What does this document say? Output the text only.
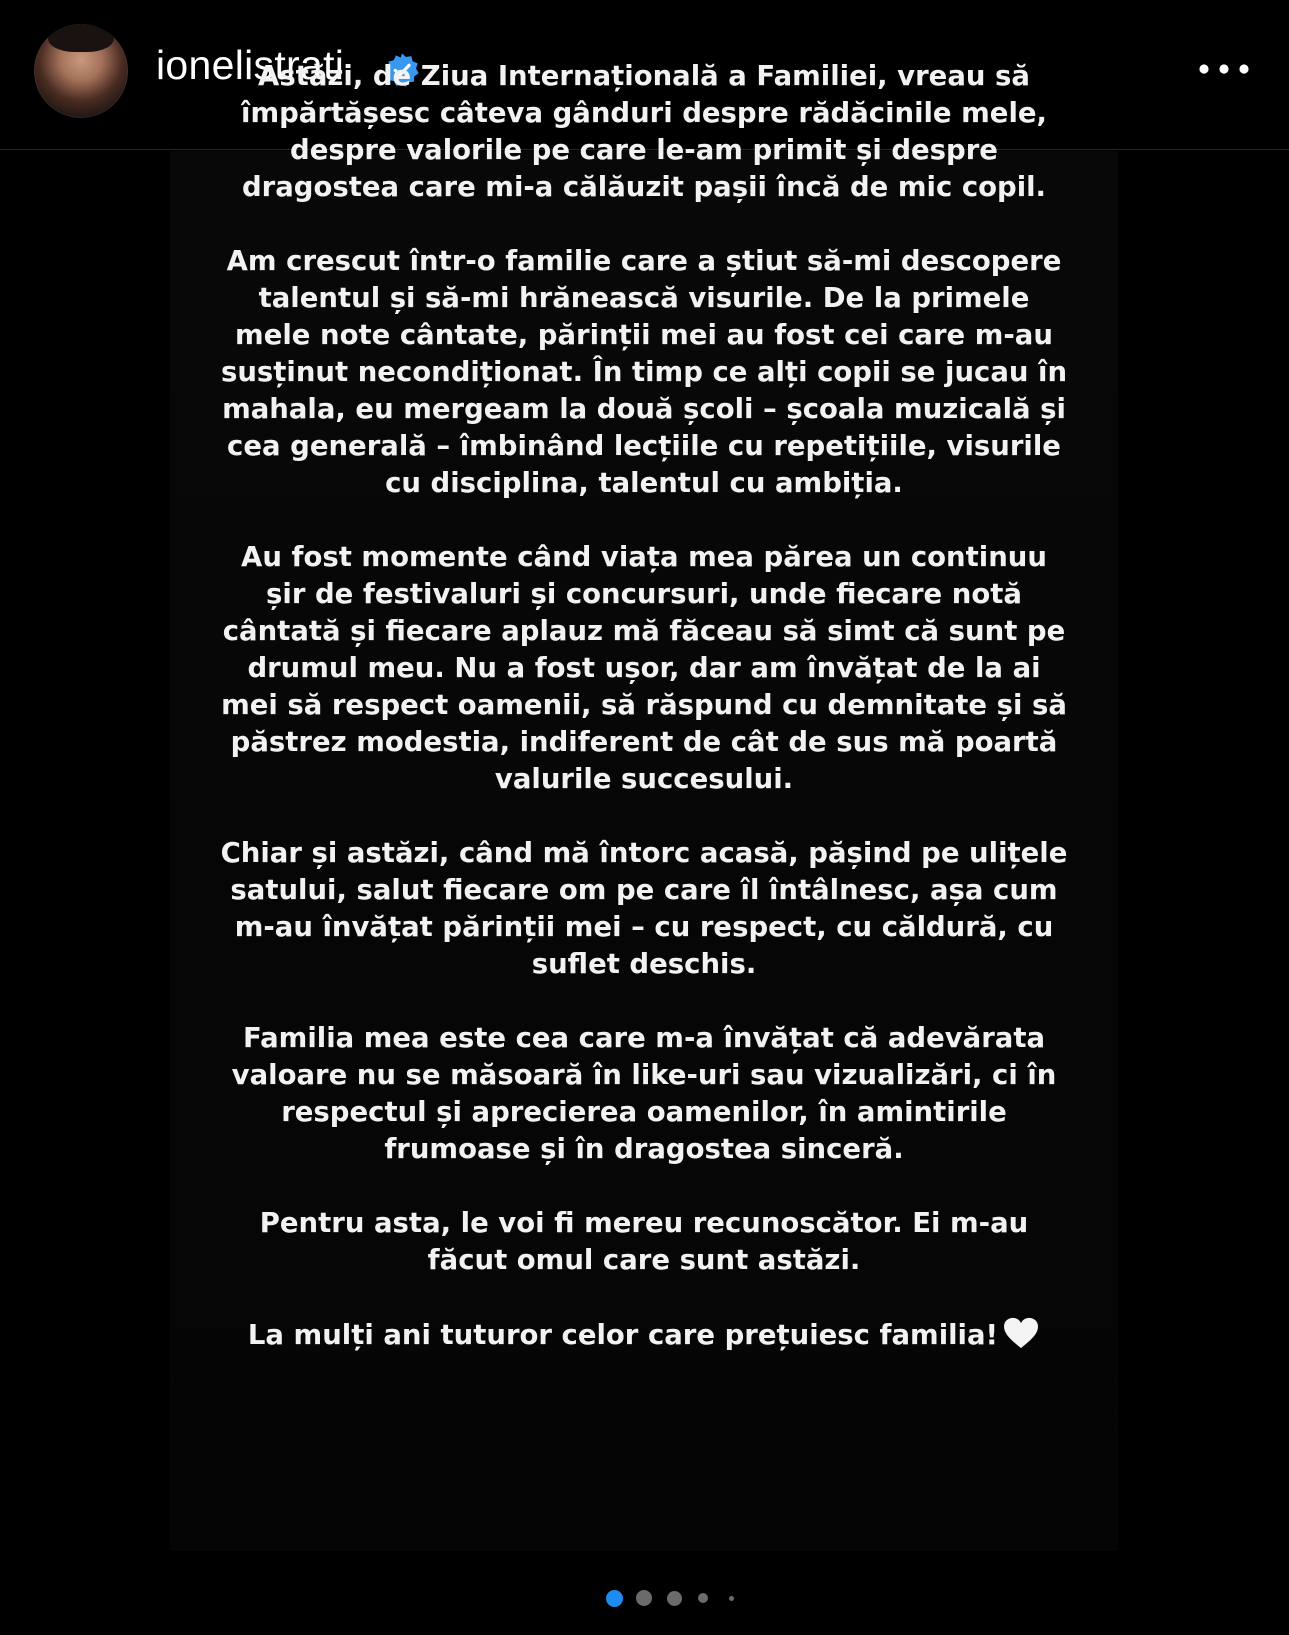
ionelistrati

Astăzi, de Ziua Internațională a Familiei, vreau să împărtășesc câteva gânduri despre rădăcinile mele, despre valorile pe care le-am primit și despre dragostea care mi-a călăuzit pașii încă de mic copil.

Am crescut într-o familie care a știut să-mi descopere talentul și să-mi hrănească visurile. De la primele mele note cântate, părinții mei au fost cei care m-au susținut necondiționat. În timp ce alți copii se jucau în mahala, eu mergeam la două școli – școala muzicală și cea generală – îmbinând lecțiile cu repetițiile, visurile cu disciplina, talentul cu ambiția.

Au fost momente când viața mea părea un continuu șir de festivaluri și concursuri, unde fiecare notă cântată și fiecare aplauz mă făceau să simt că sunt pe drumul meu. Nu a fost ușor, dar am învățat de la ai mei să respect oamenii, să răspund cu demnitate și să păstrez modestia, indiferent de cât de sus mă poartă valurile succesului.

Chiar și astăzi, când mă întorc acasă, pășind pe ulițele satului, salut fiecare om pe care îl întâlnesc, așa cum m-au învățat părinții mei – cu respect, cu căldură, cu suflet deschis.

Familia mea este cea care m-a învățat că adevărata valoare nu se măsoară în like-uri sau vizualizări, ci în respectul și aprecierea oamenilor, în amintirile frumoase și în dragostea sinceră.

Pentru asta, le voi fi mereu recunoscător. Ei m-au făcut omul care sunt astăzi.

La mulți ani tuturor celor care prețuiesc familia!
